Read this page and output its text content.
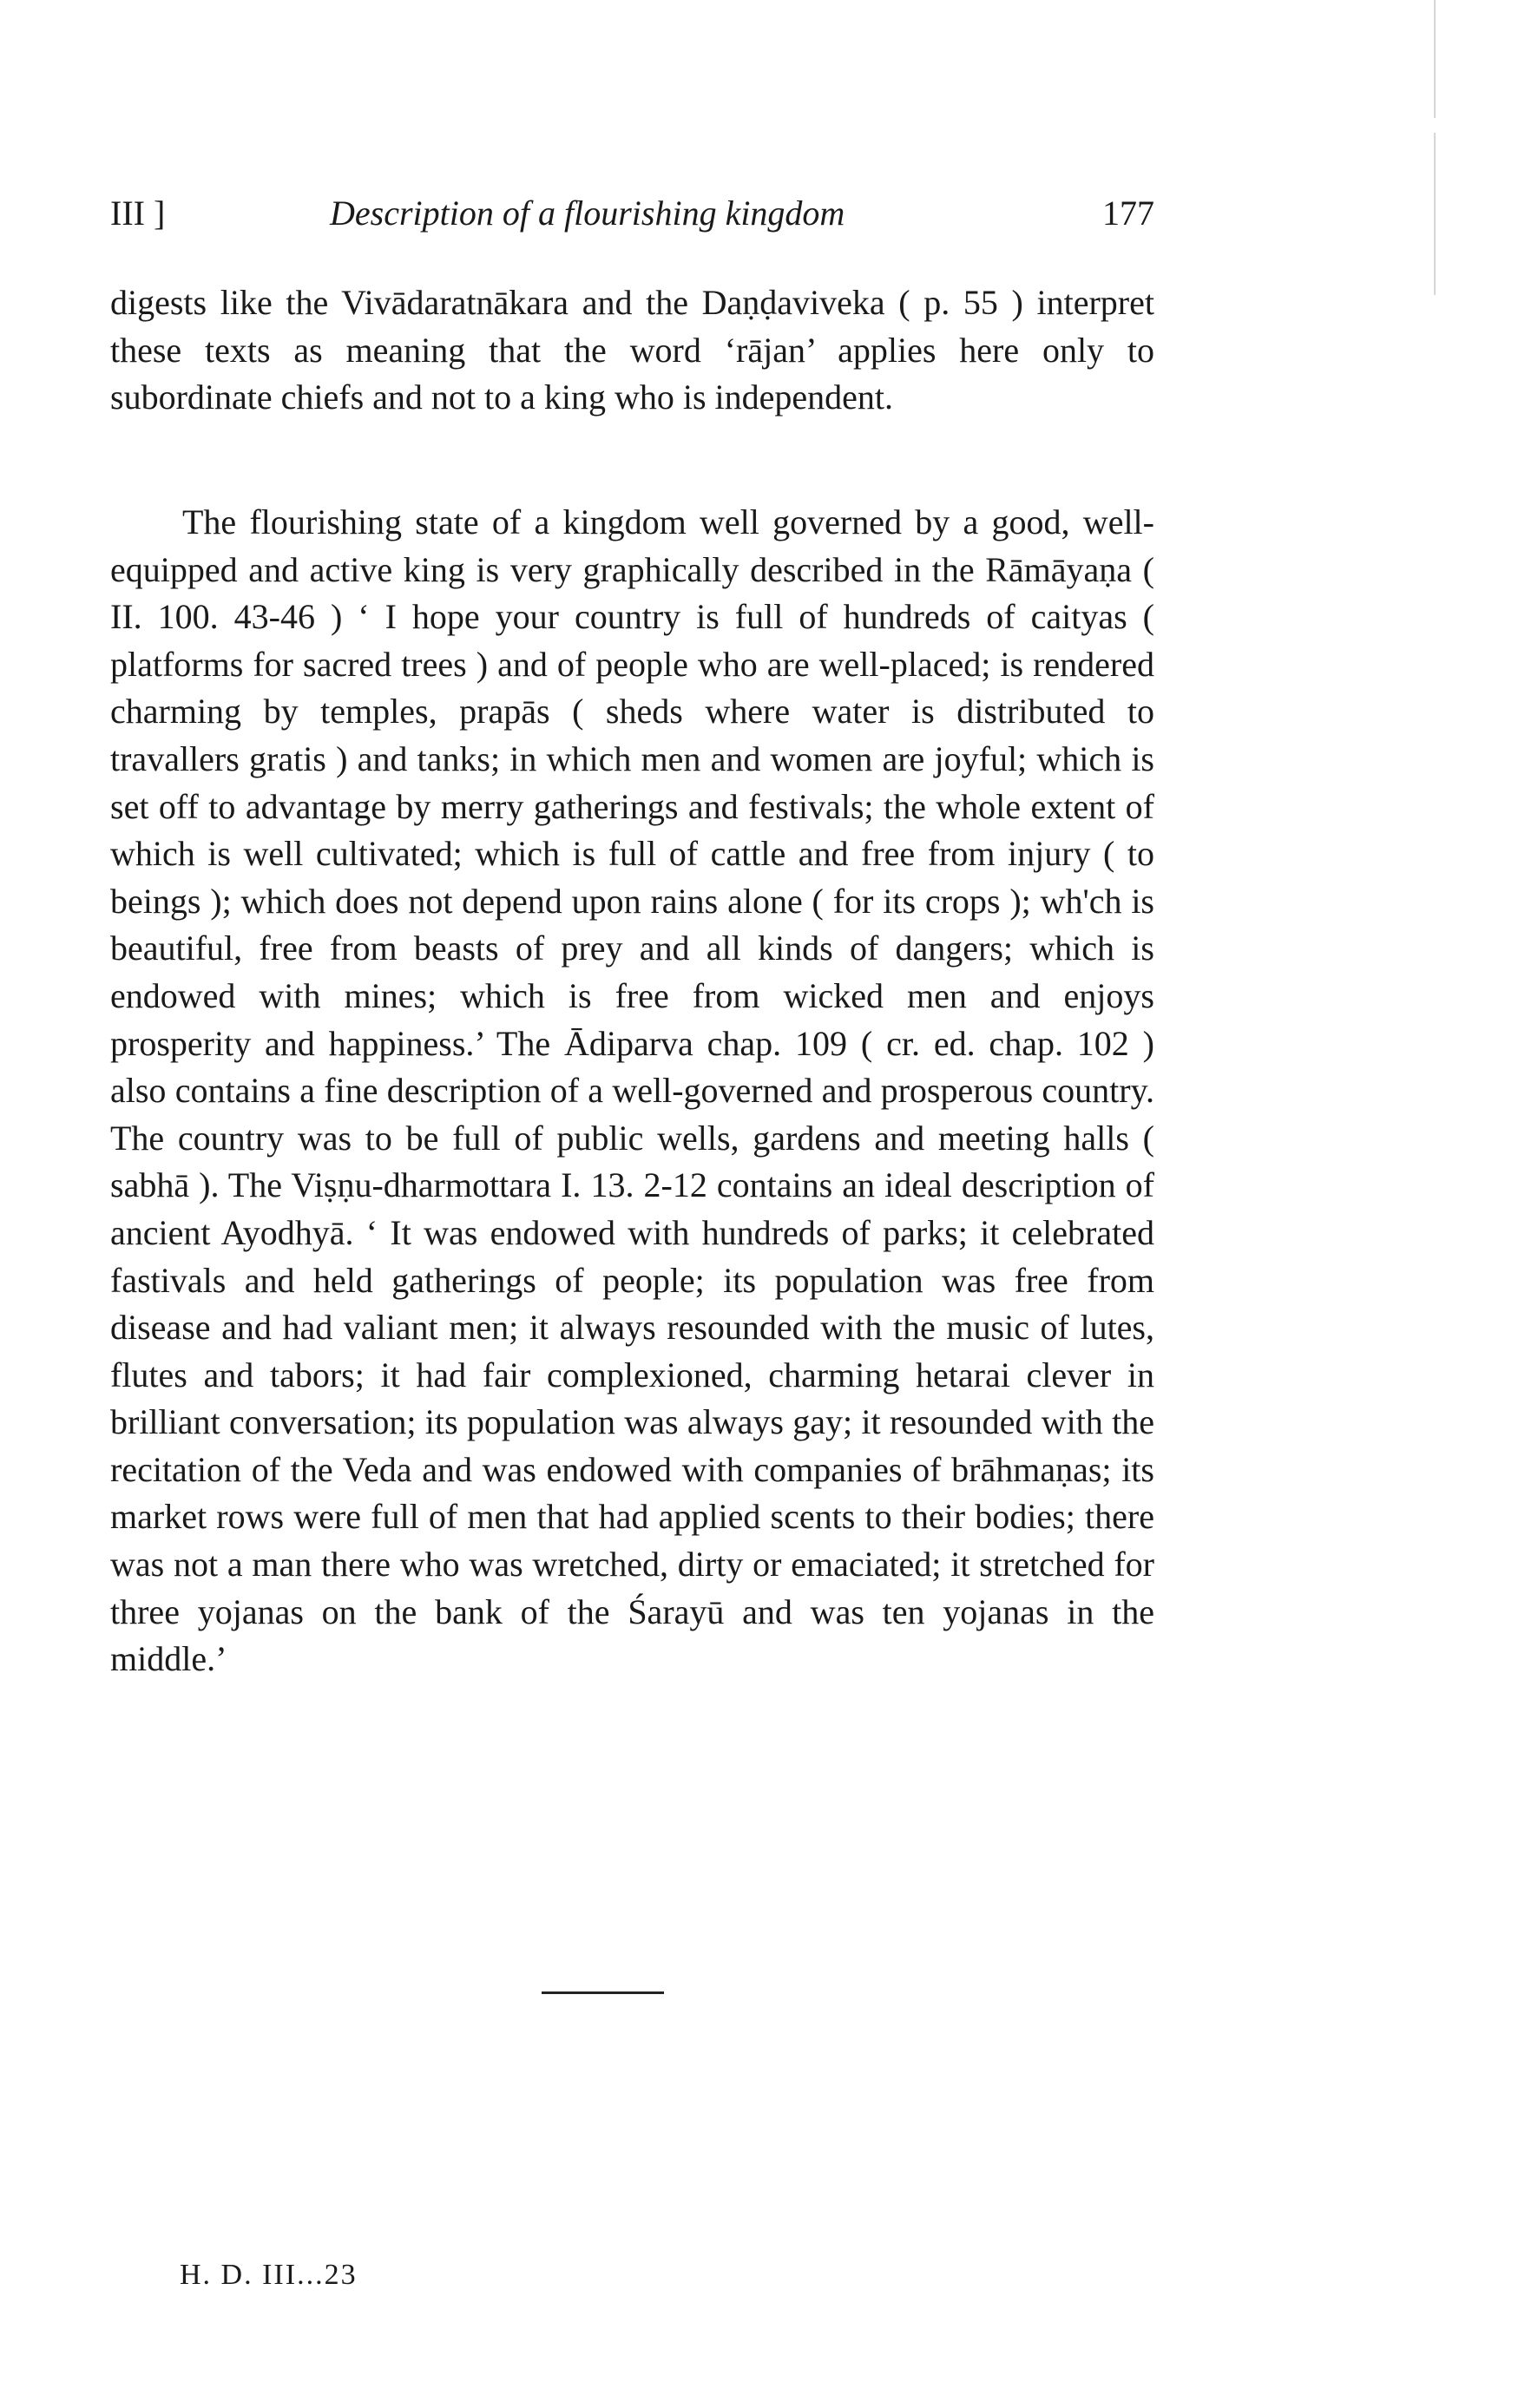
III ]	Description of a flourishing kingdom	177
digests like the Vivādaratnākara and the Daṇḍaviveka ( p. 55 ) interpret these texts as meaning that the word ‘rājan’ applies here only to subordinate chiefs and not to a king who is independent.
The flourishing state of a kingdom well governed by a good, well-equipped and active king is very graphically described in the Rāmāyaṇa ( II. 100. 43-46 ) ‘ I hope your country is full of hundreds of caityas ( platforms for sacred trees ) and of people who are well-placed; is rendered charming by temples, prapās ( sheds where water is distributed to travallers gratis ) and tanks; in which men and women are joyful; which is set off to advantage by merry gatherings and festivals; the whole extent of which is well cultivated; which is full of cattle and free from injury ( to beings ); which does not depend upon rains alone ( for its crops ); wh'ch is beautiful, free from beasts of prey and all kinds of dangers; which is endowed with mines; which is free from wicked men and enjoys prosperity and happiness.’ The Ādiparva chap. 109 ( cr. ed. chap. 102 ) also contains a fine description of a well-governed and prosperous country. The country was to be full of public wells, gardens and meeting halls ( sabhā ). The Viṣṇu-dharmottara I. 13. 2-12 contains an ideal description of ancient Ayodhyā. ‘ It was endowed with hundreds of parks; it celebrated fastivals and held gatherings of people; its population was free from disease and had valiant men; it always resounded with the music of lutes, flutes and tabors; it had fair complexioned, charming hetarai clever in brilliant conversation; its population was always gay; it resounded with the recitation of the Veda and was endowed with companies of brāhmaṇas; its market rows were full of men that had applied scents to their bodies; there was not a man there who was wretched, dirty or emaciated; it stretched for three yojanas on the bank of the Śarayū and was ten yojanas in the middle.’
H. D. III...23
